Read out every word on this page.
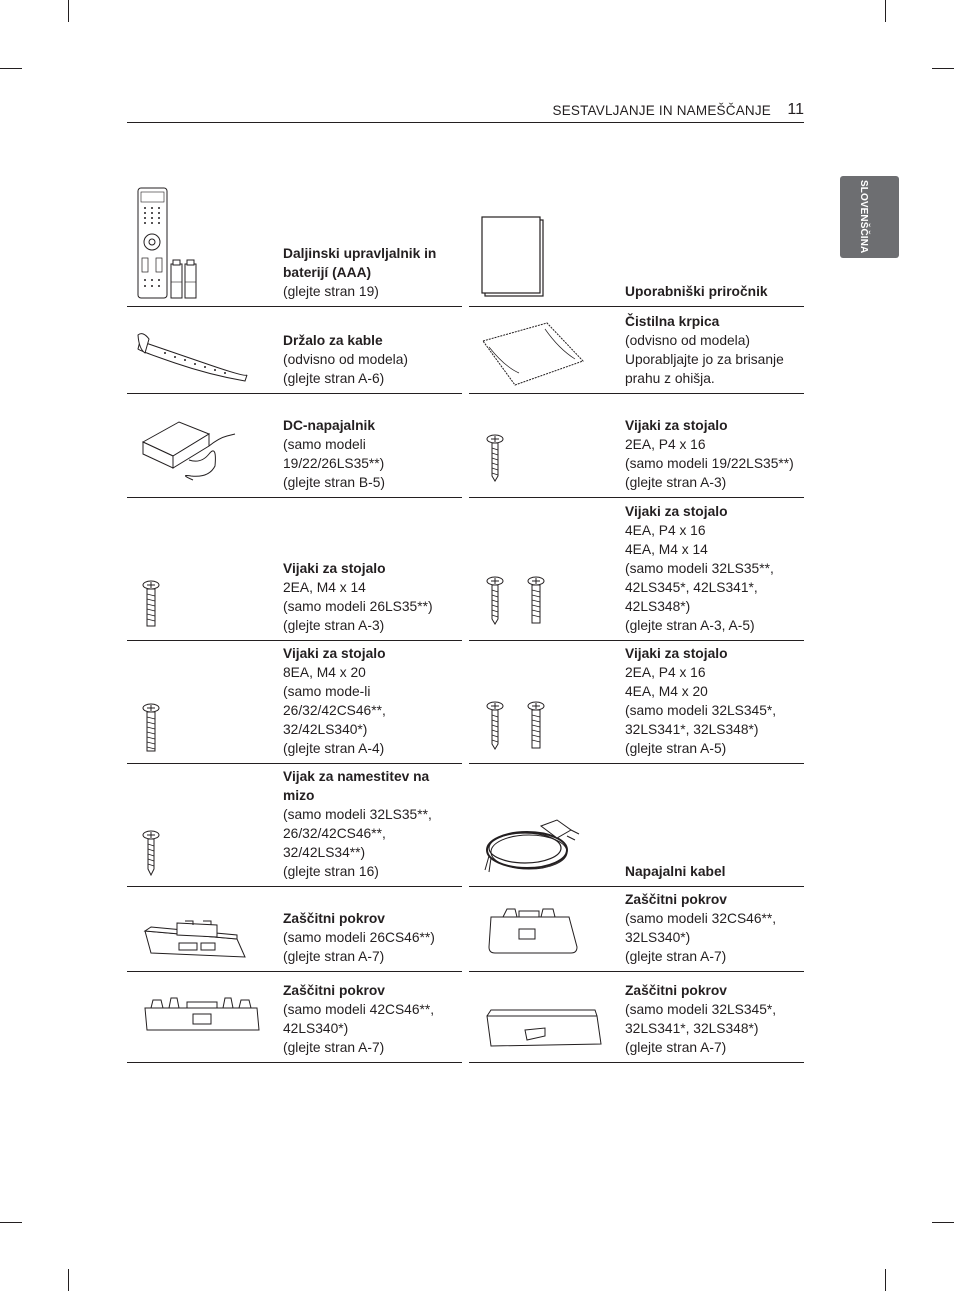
SESTAVLJANJE IN NAMEŠČANJE 11
SLOVENŠČINA
Daljinski upravljalnik in baterijí (AAA)
(glejte stran 19)	Uporabniški priročnik
Držalo za kable
(odvisno od modela)
(glejte stran A-6)
Čistilna krpica
(odvisno od modela)
Uporabljajte jo za brisanje prahu z ohišja.
DC-napajalnik
(samo modeli 19/22/26LS35**)
(glejte stran B-5)
Vijaki za stojalo
2EA, P4 x 16
(samo modeli 19/22LS35**)
(glejte stran A-3)
Vijaki za stojalo
2EA, M4 x 14
(samo modeli 26LS35**)
(glejte stran A-3)
Vijaki za stojalo
4EA, P4 x 16
4EA, M4 x 14
(samo modeli 32LS35**, 42LS345*, 42LS341*, 42LS348*)
(glejte stran A-3, A-5)
Vijaki za stojalo
8EA, M4 x 20
(samo mode-li 26/32/42CS46**, 32/42LS340*)
(glejte stran A-4)
Vijaki za stojalo
2EA, P4 x 16
4EA, M4 x 20
(samo modeli 32LS345*, 32LS341*, 32LS348*)
(glejte stran A-5)
Vijak za namestitev na mizo
(samo modeli 32LS35**, 26/32/42CS46**, 32/42LS34**)
(glejte stran 16)	Napajalni kabel
Zaščitni pokrov
(samo modeli 26CS46**)
(glejte stran A-7)
Zaščitni pokrov
(samo modeli 32CS46**, 32LS340*)
(glejte stran A-7)
Zaščitni pokrov
(samo modeli 42CS46**, 42LS340*)
(glejte stran A-7)
Zaščitni pokrov
(samo modeli 32LS345*, 32LS341*, 32LS348*)
(glejte stran A-7)
